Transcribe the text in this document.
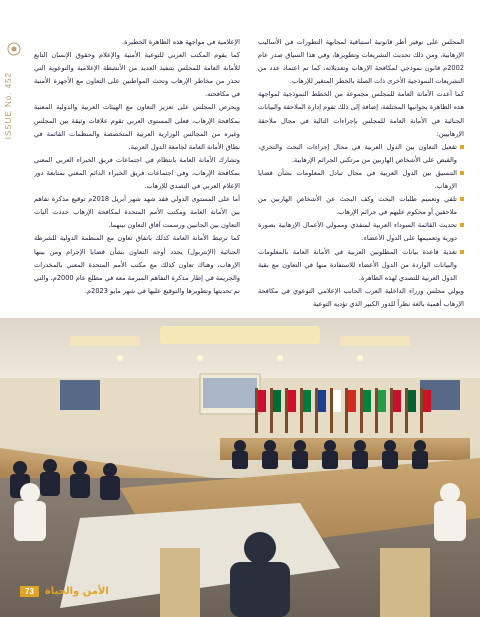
ISSUE No. 452

المجلس على توفير أطر قانونية استباقية لمجابهة التطورات في الأساليب الإرهابية، ومن ذلك تحديث التشريعات وتطويرها، وفي هذا السياق صدر عام 2002م قانون نموذجي لمكافحة الإرهاب وتعديلاته، كما تم اعتماد عدد من التشريعات النموذجية الأخرى ذات الصلة بالخطر المتغير للإرهاب.

كما أعدت الأمانة العامة للمجلس مجموعة من الخطط النموذجية لمواجهة هذه الظاهرة بجوانبها المختلفة، إضافة إلى ذلك تقوم إدارة الملاحقة والبيانات الجنائية في الأمانة العامة للمجلس بإجراءات التالية في مجال ملاحقة الإرهابيين:

تفعيل التعاون بين الدول العربية في مجال إجراءات البحث والتحري، والقبض على الأشخاص الهاربين من مرتكبي الجرائم الإرهابية.

التنسيق بين الدول العربية في مجال تبادل المعلومات بشأن قضايا الإرهاب.

تلقي وتعميم طلبات البحث وكف البحث عن الأشخاص الهاربين من ملاحقين أو محكوم عليهم في جرائم الإرهاب.

تحديث القائمة السوداء العربية لمنفذي وممولي الأعمال الإرهابية بصورة دورية وتعميمها على الدول الأعضاء.

تغذية قاعدة بيانات المطلوبين العربية في الأمانة العامة بالمعلومات والبيانات الواردة من الدول الأعضاء للاستفادة منها في التعاون مع بقية الدول العربية للتصدي لهذه الظاهرة.

ويولي مجلس وزراء الداخلية العرب الجانب الإعلامي التوعوي في مكافحة الإرهاب أهمية بالغة نظراً للدور الكبير الذي تؤديه التوعية

الإعلامية في مواجهة هذه الظاهرة الخطيرة.

كما يقوم المكتب العربي للتوعية الأمنية والإعلام وحقوق الإنسان التابع للأمانة العامة للمجلس بتنفيذ العديد من الأنشطة الإعلامية والتوعوية التي تحذر من مخاطر الإرهاب وتحث المواطنين على التعاون مع الأجهزة الأمنية في مكافحته.

ويحرص المجلس على تعزيز التعاون مع الهيئات العربية والدولية المعنية بمكافحة الإرهاب، فعلى المستوى العربي تقوم علاقات وثيقة بين المجلس وغيره من المجالس الوزارية العربية المتخصصة والمنظمات القائمة في نطاق الأمانة العامة لجامعة الدول العربية.

وتشارك الأمانة العامة بانتظام في اجتماعات فريق الخبراء العربي المعني بمكافحة الإرهاب، وفي اجتماعات فريق الخبراء الدائم المعني بمتابعة دور الإعلام العربي في التصدي للإرهاب.

أما على المستوى الدولي فقد شهد شهر أبريل 2018م توقيع مذكرة تفاهم بين الأمانة العامة ومكتب الأمم المتحدة لمكافحة الإرهاب حددت آليات التعاون بين الجانبين ورسمت آفاق التعاون بينهما.

كما ترتبط الأمانة العامة كذلك باتفاق تعاون مع المنظمة الدولية للشرطة الجنائية (الإنتربول) يحدد أوجه التعاون بشأن قضايا الإجرام ومن بينها الإرهاب، وهناك تعاون كذلك مع مكتب الأمم المتحدة المعني بالمخدرات والجريمة في إطار مذكرة التفاهم المبرمة معه في مطلع عام 2000م، والتي تم تحديثها وتطويرها والتوقيع عليها في شهر مايو 2023م.

73	الأمن والحياة
